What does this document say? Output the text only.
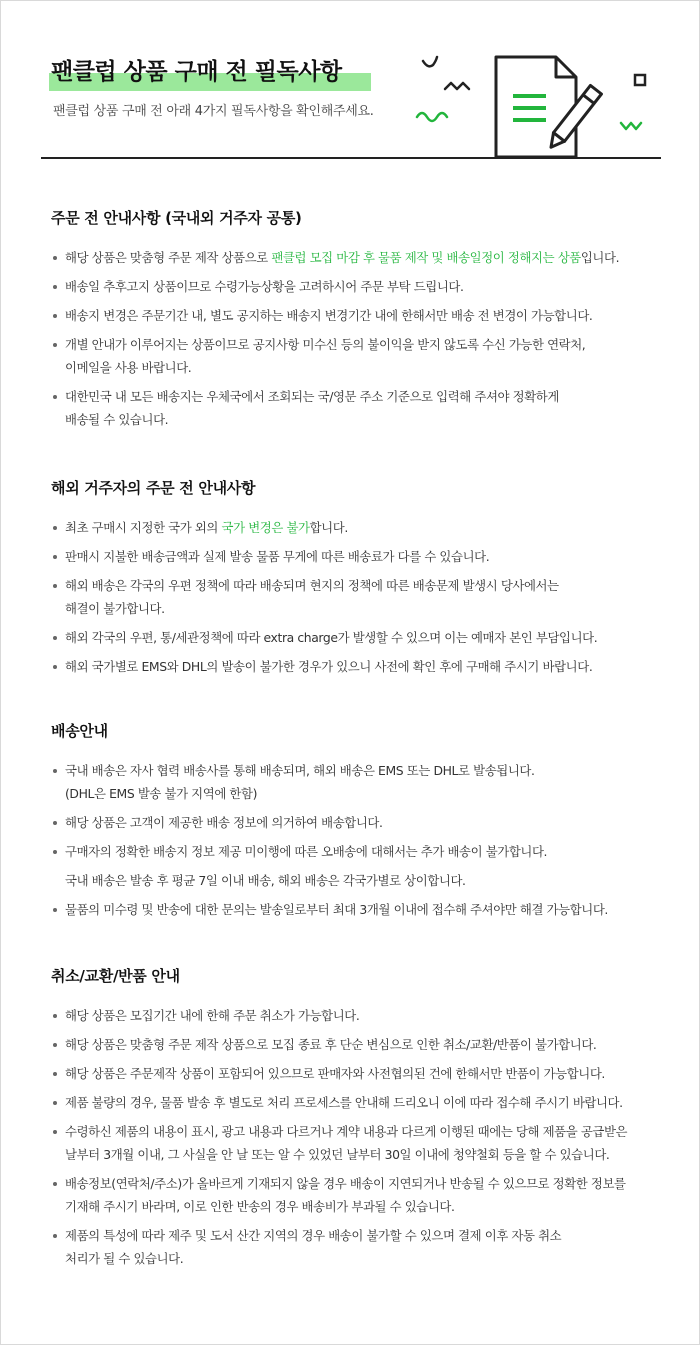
팬클럽 상품 구매 전 필독사항

팬클럽 상품 구매 전 아래 4가지 필독사항을 확인해주세요.

주문 전 안내사항 (국내외 거주자 공통)
해당 상품은 맞춤형 주문 제작 상품으로 팬클럽 모집 마감 후 물품 제작 및 배송일정이 정해지는 상품입니다.
배송일 추후고지 상품이므로 수령가능상황을 고려하시어 주문 부탁 드립니다.
배송지 변경은 주문기간 내, 별도 공지하는 배송지 변경기간 내에 한해서만 배송 전 변경이 가능합니다.
개별 안내가 이루어지는 상품이므로 공지사항 미수신 등의 불이익을 받지 않도록 수신 가능한 연락처,
이메일을 사용 바랍니다.
대한민국 내 모든 배송지는 우체국에서 조회되는 국/영문 주소 기준으로 입력해 주셔야 정확하게
배송될 수 있습니다.
해외 거주자의 주문 전 안내사항
최초 구매시 지정한 국가 외의 국가 변경은 불가합니다.
판매시 지불한 배송금액과 실제 발송 물품 무게에 따른 배송료가 다를 수 있습니다.
해외 배송은 각국의 우편 정책에 따라 배송되며 현지의 정책에 따른 배송문제 발생시 당사에서는
해결이 불가합니다.
해외 각국의 우편, 통/세관정책에 따라 extra charge가 발생할 수 있으며 이는 예매자 본인 부담입니다.
해외 국가별로 EMS와 DHL의 발송이 불가한 경우가 있으니 사전에 확인 후에 구매해 주시기 바랍니다.
배송안내
국내 배송은 자사 협력 배송사를 통해 배송되며, 해외 배송은 EMS 또는 DHL로 발송됩니다.
(DHL은 EMS 발송 불가 지역에 한함)
해당 상품은 고객이 제공한 배송 정보에 의거하여 배송합니다.
구매자의 정확한 배송지 정보 제공 미이행에 따른 오배송에 대해서는 추가 배송이 불가합니다.
국내 배송은 발송 후 평균 7일 이내 배송, 해외 배송은 각국가별로 상이합니다.
물품의 미수령 및 반송에 대한 문의는 발송일로부터 최대 3개월 이내에 접수해 주셔야만 해결 가능합니다.
취소/교환/반품 안내
해당 상품은 모집기간 내에 한해 주문 취소가 가능합니다.
해당 상품은 맞춤형 주문 제작 상품으로 모집 종료 후 단순 변심으로 인한 취소/교환/반품이 불가합니다.
해당 상품은 주문제작 상품이 포함되어 있으므로 판매자와 사전협의된 건에 한해서만 반품이 가능합니다.
제품 불량의 경우, 물품 발송 후 별도로 처리 프로세스를 안내해 드리오니 이에 따라 접수해 주시기 바랍니다.
수령하신 제품의 내용이 표시, 광고 내용과 다르거나 계약 내용과 다르게 이행된 때에는 당해 제품을 공급받은
날부터 3개월 이내, 그 사실을 안 날 또는 알 수 있었던 날부터 30일 이내에 청약철회 등을 할 수 있습니다.
배송정보(연락처/주소)가 올바르게 기재되지 않을 경우 배송이 지연되거나 반송될 수 있으므로 정확한 정보를
기재해 주시기 바라며, 이로 인한 반송의 경우 배송비가 부과될 수 있습니다.
제품의 특성에 따라 제주 및 도서 산간 지역의 경우 배송이 불가할 수 있으며 결제 이후 자동 취소
처리가 될 수 있습니다.
